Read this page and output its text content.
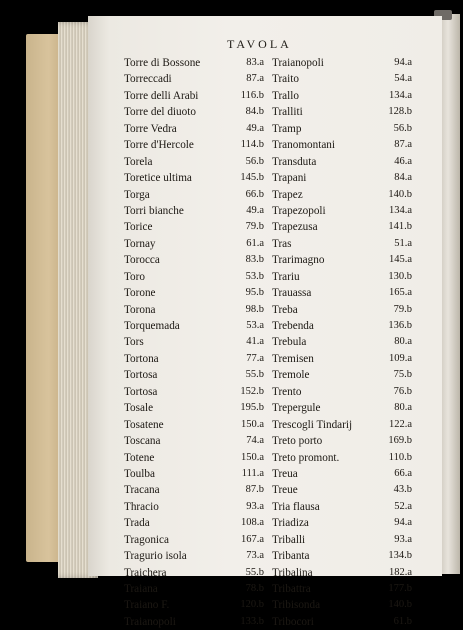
TAVOLA
Torre di Bossone	83.a
Torreccadi	87.a
Torre delli Arabi	116.b
Torre del diuoto	84.b
Torre Vedra	49.a
Torre d'Hercole	114.b
Torela	56.b
Toretice ultima	145.b
Torga	66.b
Torri bianche	49.a
Torice	79.b
Tornay	61.a
Torocca	83.b
Toro	53.b
Torone	95.b
Torona	98.b
Torquemada	53.a
Tors	41.a
Tortona	77.a
Tortosa	55.b
Tortosa	152.b
Tosale	195.b
Tosatene	150.a
Toscana	74.a
Totene	150.a
Toulba	111.a
Tracana	87.b
Thracio	93.a
Trada	108.a
Tragonica	167.a
Tragurio isola	73.a
Traichera	55.b
Traiana	78.b
Traiano F.	120.b
Traianopoli	133.b
Traianopoli	94.a
Traito	54.a
Trallo	134.a
Tralliti	128.b
Tramp	56.b
Tranomontani	87.a
Transduta	46.a
Trapani	84.a
Trapez	140.b
Trapezopoli	134.a
Trapezusa	141.b
Tras	51.a
Trarimagno	145.a
Trariu	130.b
Trauassa	165.a
Treba	79.b
Trebenda	136.b
Trebula	80.a
Tremisen	109.a
Tremole	75.b
Trento	76.b
Trepergule	80.a
Trescogli Tindarij	122.a
Treto porto	169.b
Treto promont.	110.b
Treua	66.a
Treue	43.b
Tria flausa	52.a
Triadiza	94.a
Triballi	93.a
Tribanta	134.b
Tribalina	182.a
Tribattra	177.b
Tribisonda	140.b
Tribocori	61.b
